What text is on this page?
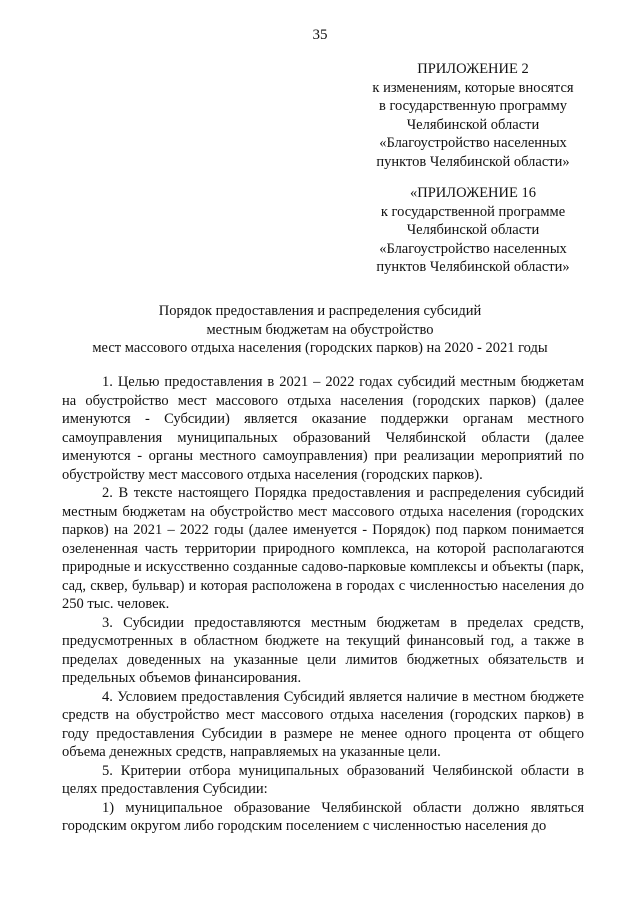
35
ПРИЛОЖЕНИЕ 2
к изменениям, которые вносятся
в государственную программу
Челябинской области
«Благоустройство населенных
пунктов Челябинской области»
«ПРИЛОЖЕНИЕ 16
к государственной программе
Челябинской области
«Благоустройство населенных
пунктов Челябинской области»
Порядок предоставления и распределения субсидий
местным бюджетам на обустройство
мест массового отдыха населения (городских парков) на 2020 - 2021 годы

1. Целью предоставления в 2021 – 2022 годах субсидий местным бюджетам на обустройство мест массового отдыха населения (городских парков) (далее именуются - Субсидии) является оказание поддержки органам местного самоуправления муниципальных образований Челябинской области (далее именуются - органы местного самоуправления) при реализации мероприятий по обустройству мест массового отдыха населения (городских парков).

2. В тексте настоящего Порядка предоставления и распределения субсидий местным бюджетам на обустройство мест массового отдыха населения (городских парков) на 2021 – 2022 годы (далее именуется - Порядок) под парком понимается озелененная часть территории природного комплекса, на которой располагаются природные и искусственно созданные садово-парковые комплексы и объекты (парк, сад, сквер, бульвар) и которая расположена в городах с численностью населения до 250 тыс. человек.

3. Субсидии предоставляются местным бюджетам в пределах средств, предусмотренных в областном бюджете на текущий финансовый год, а также в пределах доведенных на указанные цели лимитов бюджетных обязательств и предельных объемов финансирования.

4. Условием предоставления Субсидий является наличие в местном бюджете средств на обустройство мест массового отдыха населения (городских парков) в году предоставления Субсидии в размере не менее одного процента от общего объема денежных средств, направляемых на указанные цели.

5. Критерии отбора муниципальных образований Челябинской области в целях предоставления Субсидии:

1) муниципальное образование Челябинской области должно являться городским округом либо городским поселением с численностью населения до
